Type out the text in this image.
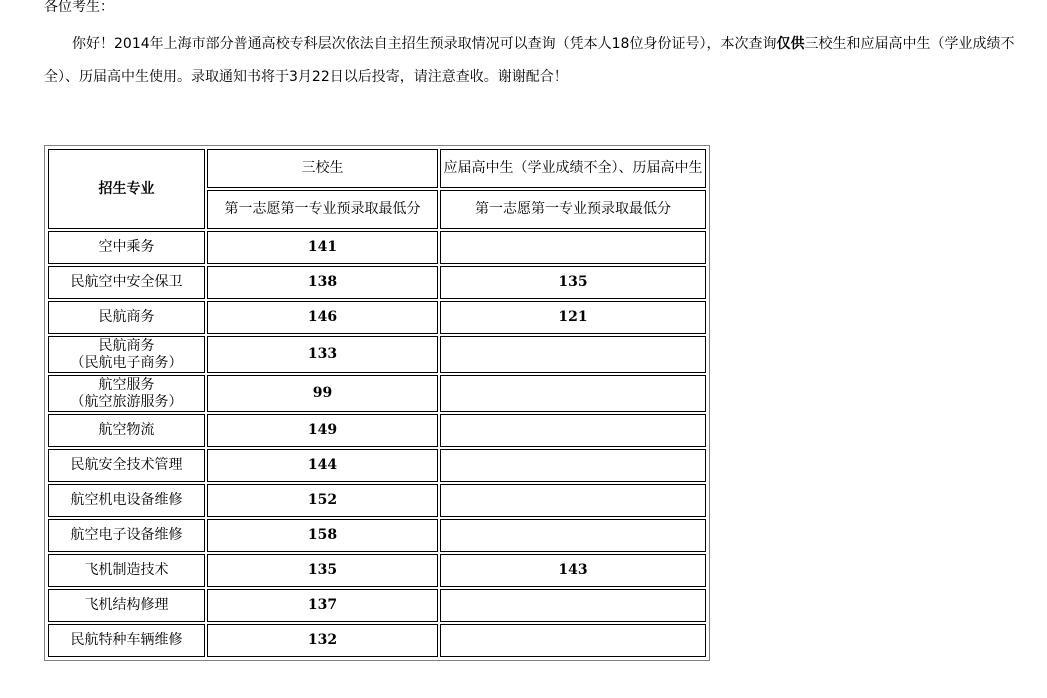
各位考生：

你好！2014年上海市部分普通高校专科层次依法自主招生预录取情况可以查询（凭本人18位身份证号），本次查询仅供三校生和应届高中生（学业成绩不全）、历届高中生使用。录取通知书将于3月22日以后投寄，请注意查收。谢谢配合！

招生专业	三校生	应届高中生（学业成绩不全）、历届高中生
	第一志愿第一专业预录取最低分	第一志愿第一专业预录取最低分

空中乘务	141	

民航空中安全保卫	138	135

民航商务	146	121

民航商务
（民航电子商务）	133	

航空服务
（航空旅游服务）	99	

航空物流	149	

民航安全技术管理	144	

航空机电设备维修	152	

航空电子设备维修	158	

飞机制造技术	135	143

飞机结构修理	137	

民航特种车辆维修	132	
